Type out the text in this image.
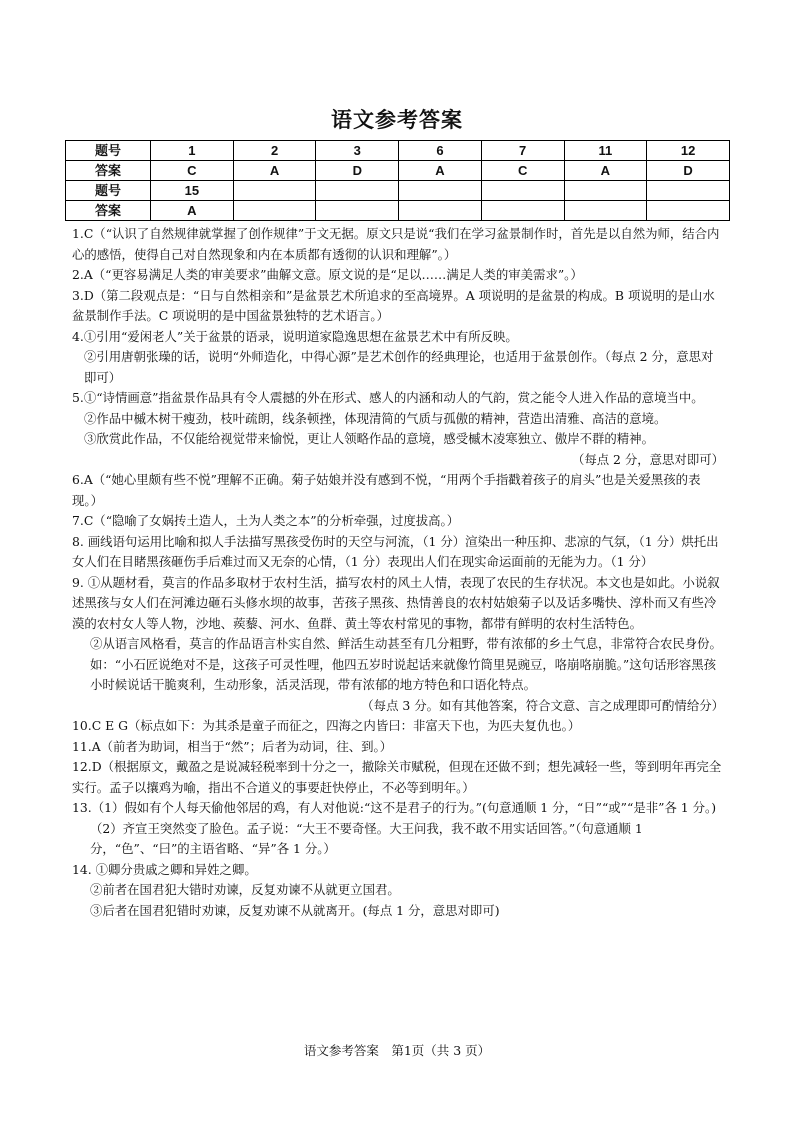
语文参考答案
题号	1	2	3	6	7	11	12
答案	C	A	D	A	C	A	D
题号	15						
答案	A						

1.C（“认识了自然规律就掌握了创作规律”于文无据。原文只是说“我们在学习盆景制作时，首先是以自然为师，结合内心的感悟，使得自己对自然现象和内在本质都有透彻的认识和理解”。）

2.A（“更容易满足人类的审美要求”曲解文意。原文说的是“足以……满足人类的审美需求”。）

3.D（第二段观点是：“日与自然相亲和”是盆景艺术所追求的至高境界。A 项说明的是盆景的构成。B 项说明的是山水盆景制作手法。C 项说明的是中国盆景独特的艺术语言。）

4.①引用“爱闲老人”关于盆景的语录，说明道家隐逸思想在盆景艺术中有所反映。

②引用唐朝张璪的话，说明“外师造化，中得心源”是艺术创作的经典理论，也适用于盆景创作。（每点 2 分，意思对即可）

5.①“诗情画意”指盆景作品具有令人震撼的外在形式、感人的内涵和动人的气韵，赏之能令人进入作品的意境当中。

②作品中槭木树干瘦劲，枝叶疏朗，线条顿挫，体现清简的气质与孤傲的精神，营造出清雅、高洁的意境。

③欣赏此作品，不仅能给视觉带来愉悦，更让人领略作品的意境，感受槭木凌寒独立、傲岸不群的精神。

（每点 2 分，意思对即可）

6.A（“她心里颇有些不悦”理解不正确。菊子姑娘并没有感到不悦，“用两个手指戳着孩子的肩头”也是关爱黑孩的表现。）

7.C（“隐喻了女娲抟土造人，土为人类之本”的分析牵强，过度拔高。）

8. 画线语句运用比喻和拟人手法描写黑孩受伤时的天空与河流，（1 分）渲染出一种压抑、悲凉的气氛，（1 分）烘托出女人们在目睹黑孩砸伤手后难过而又无奈的心情，（1 分）表现出人们在现实命运面前的无能为力。（1 分）

9. ①从题材看，莫言的作品多取材于农村生活，描写农村的风土人情，表现了农民的生存状况。本文也是如此。小说叙述黑孩与女人们在河滩边砸石头修水坝的故事，苦孩子黑孩、热情善良的农村姑娘菊子以及话多嘴快、淳朴而又有些冷漠的农村女人等人物，沙地、蒺藜、河水、鱼群、黄土等农村常见的事物，都带有鲜明的农村生活特色。

②从语言风格看，莫言的作品语言朴实自然、鲜活生动甚至有几分粗野，带有浓郁的乡土气息，非常符合农民身份。如：“小石匠说绝对不是，这孩子可灵性哩，他四五岁时说起话来就像竹筒里晃豌豆，咯崩咯崩脆。”这句话形容黑孩小时候说话干脆爽利，生动形象，活灵活现，带有浓郁的地方特色和口语化特点。

（每点 3 分。如有其他答案，符合文意、言之成理即可酌情给分）

10.C E G（标点如下：为其杀是童子而征之，四海之内皆曰：非富天下也，为匹夫复仇也。）

11.A（前者为助词，相当于“然”；后者为动词，往、到。）

12.D（根据原文，戴盈之是说减轻税率到十分之一，撤除关市赋税，但现在还做不到；想先减轻一些，等到明年再完全实行。孟子以攘鸡为喻，指出不合道义的事要赶快停止，不必等到明年。）

13.（1）假如有个人每天偷他邻居的鸡，有人对他说:“这不是君子的行为。”(句意通顺 1 分，“日”“或”“是非”各 1 分。)

（2）齐宣王突然变了脸色。孟子说：“大王不要奇怪。大王问我，我不敢不用实话回答。”（句意通顺 1 分，“色”、“曰”的主语省略、“异”各 1 分。）

14. ①卿分贵戚之卿和异姓之卿。

②前者在国君犯大错时劝谏，反复劝谏不从就更立国君。

③后者在国君犯错时劝谏，反复劝谏不从就离开。(每点 1 分，意思对即可)

语文参考答案　第1页（共 3 页）
